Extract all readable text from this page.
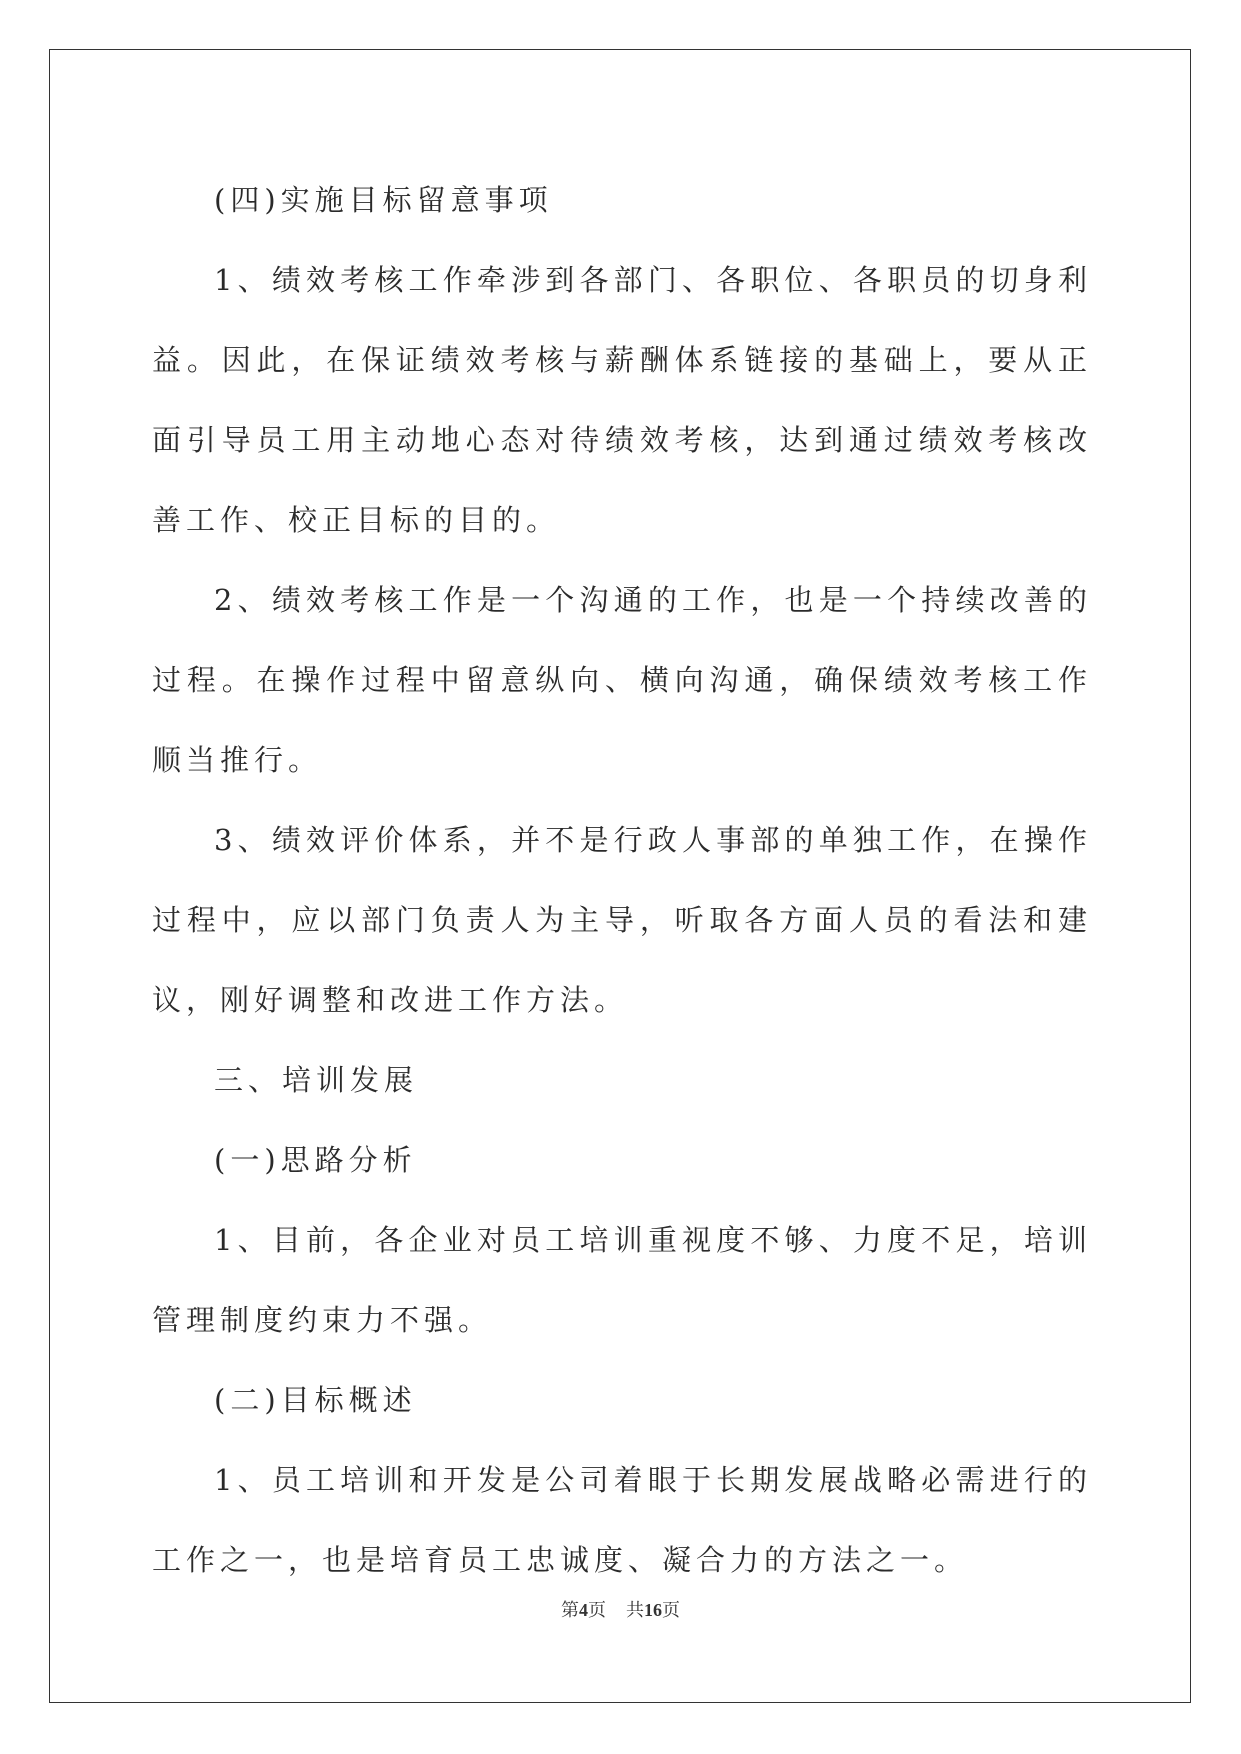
(四)实施目标留意事项

1、绩效考核工作牵涉到各部门、各职位、各职员的切身利益。因此，在保证绩效考核与薪酬体系链接的基础上，要从正面引导员工用主动地心态对待绩效考核，达到通过绩效考核改善工作、校正目标的目的。

2、绩效考核工作是一个沟通的工作，也是一个持续改善的过程。在操作过程中留意纵向、横向沟通，确保绩效考核工作顺当推行。

3、绩效评价体系，并不是行政人事部的单独工作，在操作过程中，应以部门负责人为主导，听取各方面人员的看法和建议，刚好调整和改进工作方法。

三、培训发展

(一)思路分析

1、目前，各企业对员工培训重视度不够、力度不足，培训管理制度约束力不强。

(二)目标概述

1、员工培训和开发是公司着眼于长期发展战略必需进行的工作之一，也是培育员工忠诚度、凝合力的方法之一。

第4页 共16页
